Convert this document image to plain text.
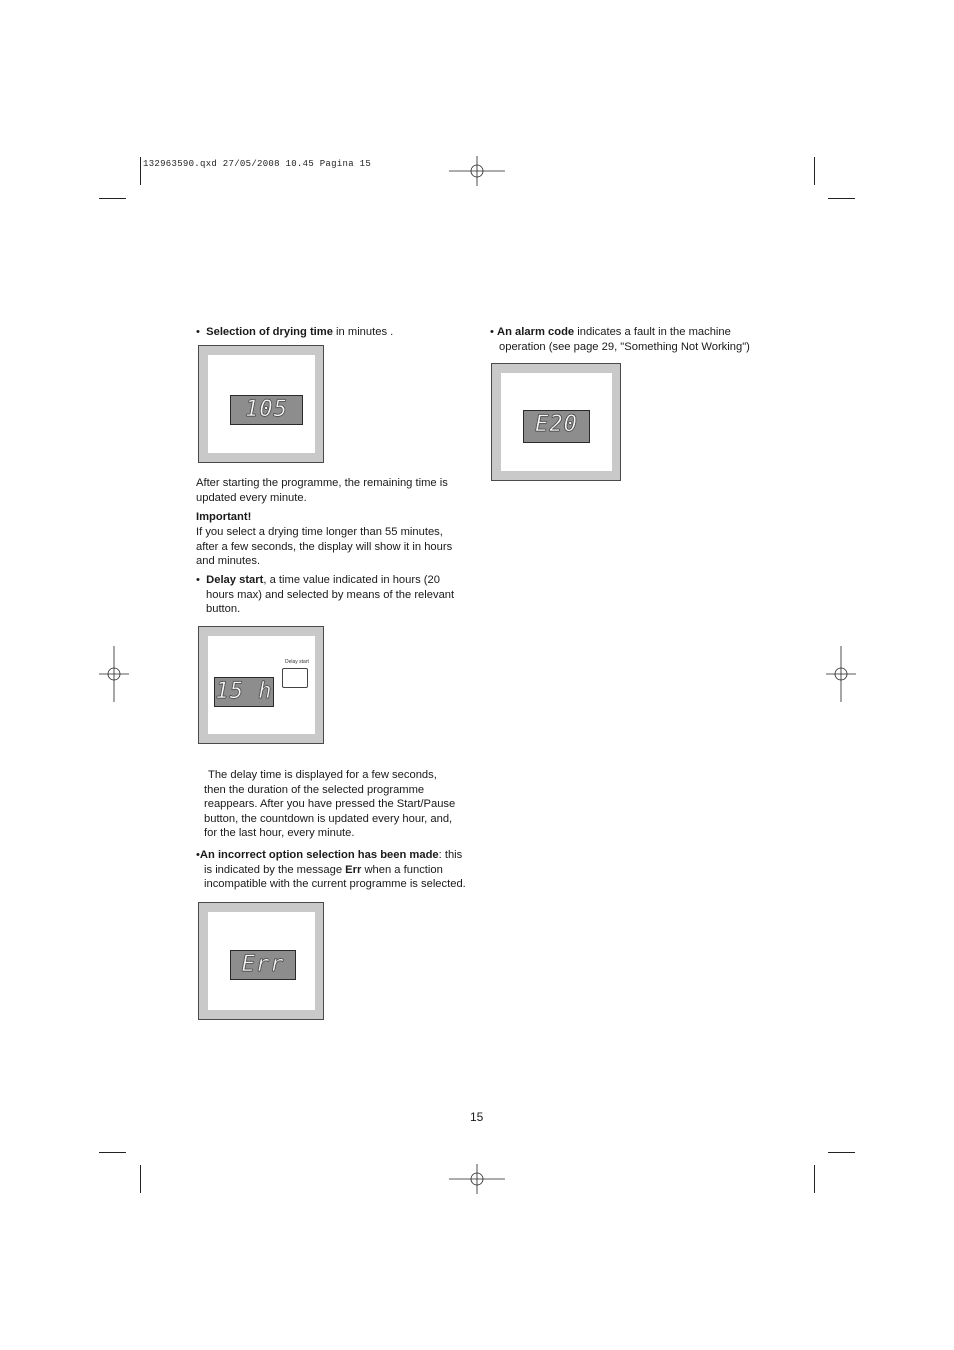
132963590.qxd 27/05/2008 10.45 Pagina 15
• Selection of drying time in minutes .
105
After starting the programme, the remaining time is updated every minute.
Important!
If you select a drying time longer than 55 minutes, after a few seconds, the display will show it in hours and minutes.
• Delay start, a time value indicated in hours (20 hours max) and selected by means of the relevant button.
15 h
Delay start
The delay time is displayed for a few seconds, then the duration of the selected programme reappears. After you have pressed the Start/Pause button, the countdown is updated every hour, and, for the last hour, every minute.
•An incorrect option selection has been made: this is indicated by the message Err when a function incompatible with the current programme is selected.
Err
• An alarm code indicates a fault in the machine operation (see page 29, "Something Not Working")
E20
15
